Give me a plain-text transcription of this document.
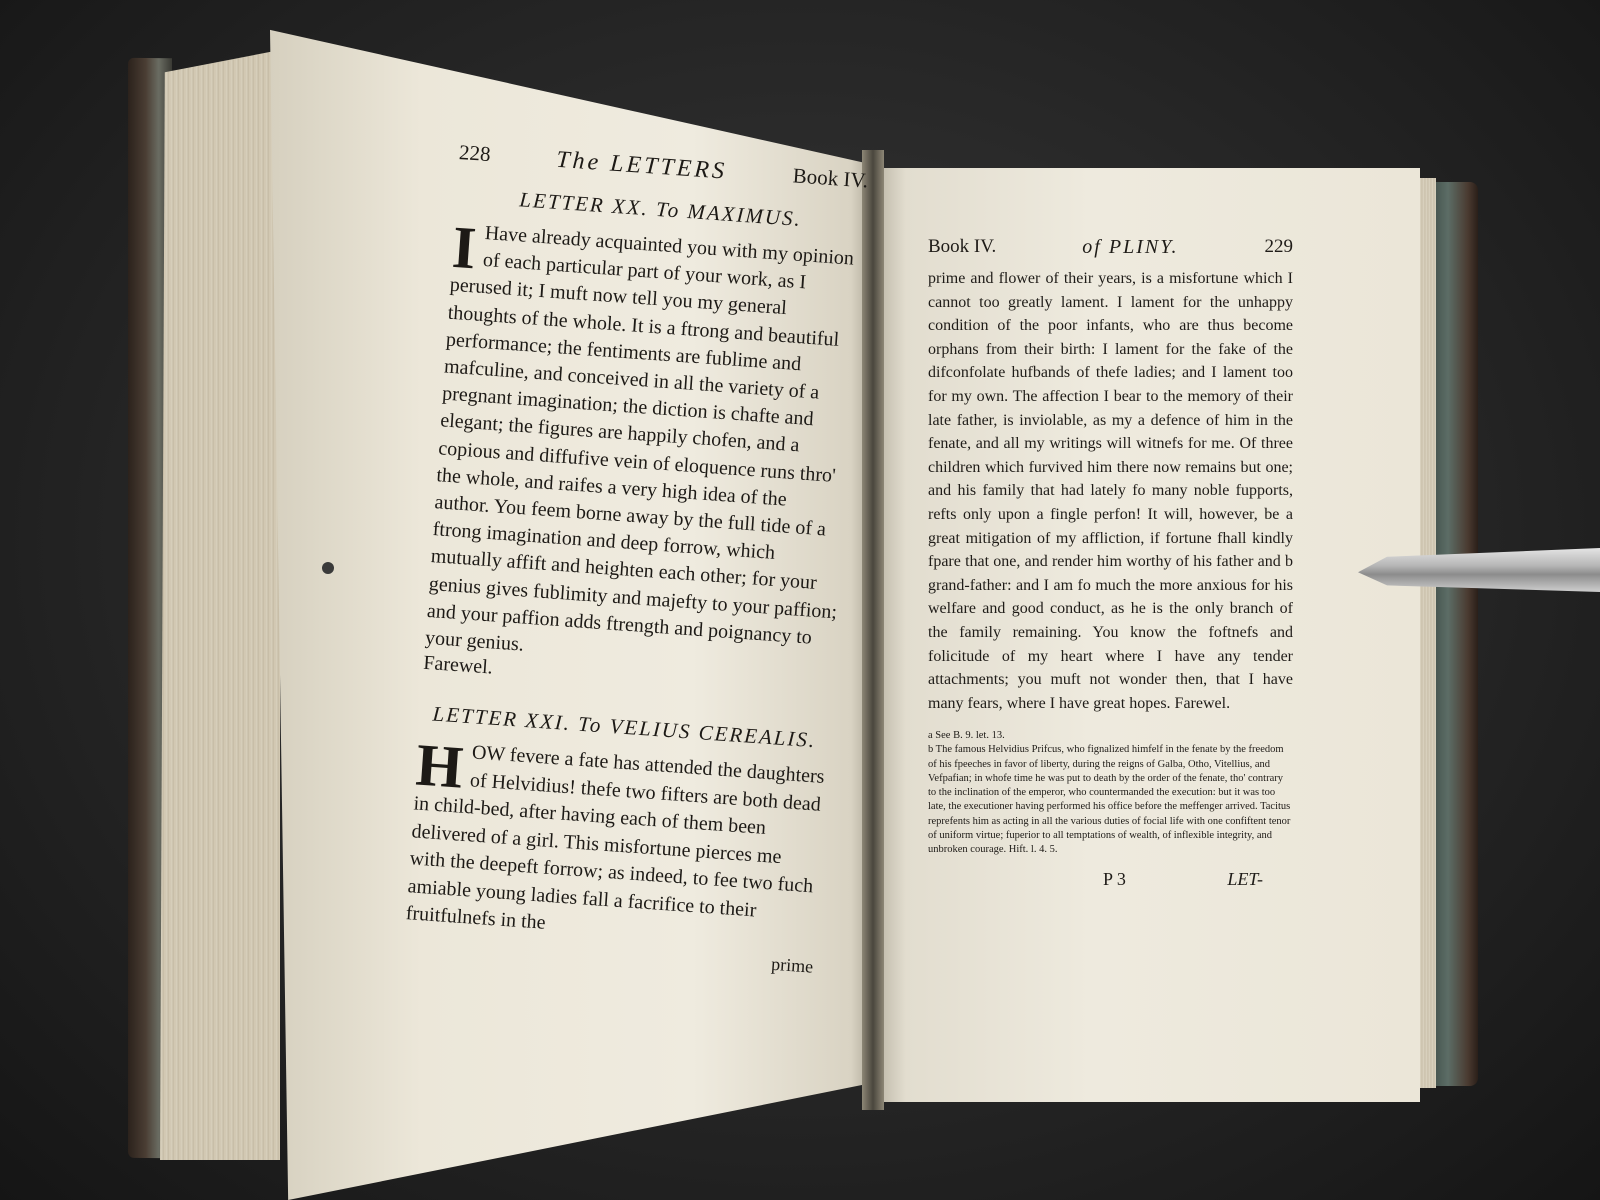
228	The LETTERS	Book IV.
LETTER XX. To MAXIMUS.

I Have already acquainted you with my opinion of each particular part of your work, as I perused it; I muft now tell you my general thoughts of the whole. It is a ftrong and beautiful performance; the fentiments are fublime and mafculine, and conceived in all the variety of a pregnant imagination; the diction is chafte and elegant; the figures are happily chofen, and a copious and diffufive vein of eloquence runs thro' the whole, and raifes a very high idea of the author. You feem borne away by the full tide of a ftrong imagination and deep forrow, which mutually affift and heighten each other; for your genius gives fublimity and majefty to your paffion; and your paffion adds ftrength and poignancy to your genius.

Farewel.

LETTER XXI. To VELIUS CEREALIS.

HOW fevere a fate has attended the daughters of Helvidius! thefe two fifters are both dead in child-bed, after having each of them been delivered of a girl. This misfortune pierces me with the deepeft forrow; as indeed, to fee two fuch amiable young ladies fall a facrifice to their fruitfulnefs in the

prime
Book IV.	of PLINY.	229

prime and flower of their years, is a misfortune which I cannot too greatly lament. I lament for the unhappy condition of the poor infants, who are thus become orphans from their birth: I lament for the fake of the difconfolate hufbands of thefe ladies; and I lament too for my own. The affection I bear to the memory of their late father, is inviolable, as my a defence of him in the fenate, and all my writings will witnefs for me. Of three children which furvived him there now remains but one; and his family that had lately fo many noble fupports, refts only upon a fingle perfon! It will, however, be a great mitigation of my affliction, if fortune fhall kindly fpare that one, and render him worthy of his father and b grand-father: and I am fo much the more anxious for his welfare and good conduct, as he is the only branch of the family remaining. You know the foftnefs and folicitude of my heart where I have any tender attachments; you muft not wonder then, that I have many fears, where I have great hopes. Farewel.

a See B. 9. let. 13.

b The famous Helvidius Prifcus, who fignalized himfelf in the fenate by the freedom of his fpeeches in favor of liberty, during the reigns of Galba, Otho, Vitellius, and Vefpafian; in whofe time he was put to death by the order of the fenate, tho' contrary to the inclination of the emperor, who countermanded the execution: but it was too late, the executioner having performed his office before the meffenger arrived. Tacitus reprefents him as acting in all the various duties of focial life with one confiftent tenor of uniform virtue; fuperior to all temptations of wealth, of inflexible integrity, and unbroken courage. Hift. l. 4. 5.

P 3	LET-
